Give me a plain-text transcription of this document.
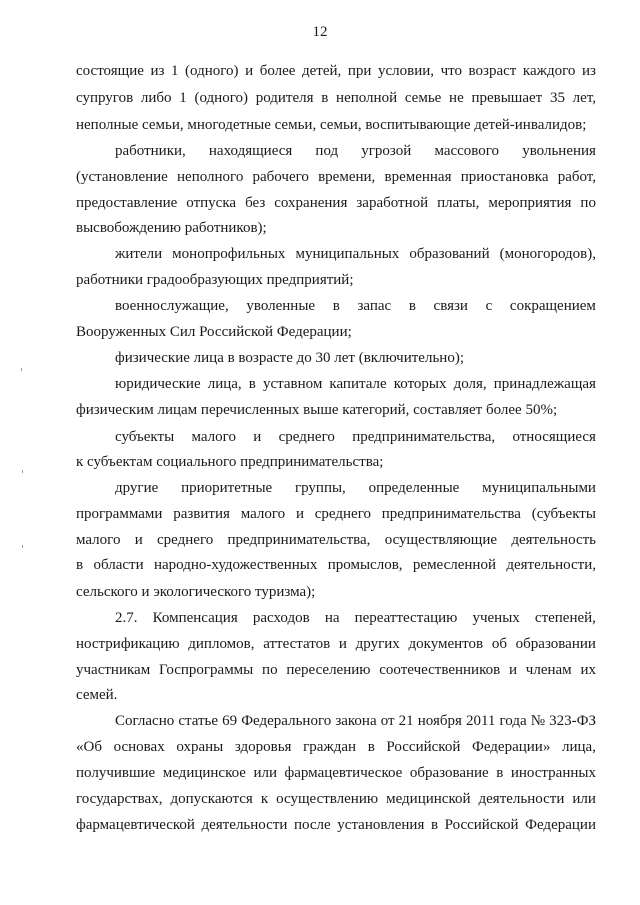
12
состоящие из 1 (одного) и более детей, при условии, что возраст каждого из
супругов либо 1 (одного) родителя в неполной семье не превышает 35 лет,
неполные семьи, многодетные семьи, семьи, воспитывающие детей-инвалидов;
работники, находящиеся под угрозой массового увольнения
(установление неполного рабочего времени, временная приостановка работ,
предоставление отпуска без сохранения заработной платы, мероприятия по
высвобождению работников);
жители монопрофильных муниципальных образований (моногородов),
работники градообразующих предприятий;
военнослужащие, уволенные в запас в связи с сокращением
Вооруженных Сил Российской Федерации;
физические лица в возрасте до 30 лет (включительно);
юридические лица, в уставном капитале которых доля, принадлежащая
физическим лицам перечисленных выше категорий, составляет более 50%;
субъекты малого и среднего предпринимательства, относящиеся
к субъектам социального предпринимательства;
другие приоритетные группы, определенные муниципальными
программами развития малого и среднего предпринимательства (субъекты
малого и среднего предпринимательства, осуществляющие деятельность
в области народно-художественных промыслов, ремесленной деятельности,
сельского и экологического туризма);
2.7. Компенсация расходов на переаттестацию ученых степеней,
нострификацию дипломов, аттестатов и других документов об образовании
участникам Госпрограммы по переселению соотечественников и членам их
семей.
Согласно статье 69 Федерального закона от 21 ноября 2011 года № 323-ФЗ
«Об основах охраны здоровья граждан в Российской Федерации» лица,
получившие медицинское или фармацевтическое образование в иностранных
государствах, допускаются к осуществлению медицинской деятельности или
фармацевтической деятельности после установления в Российской Федерации
